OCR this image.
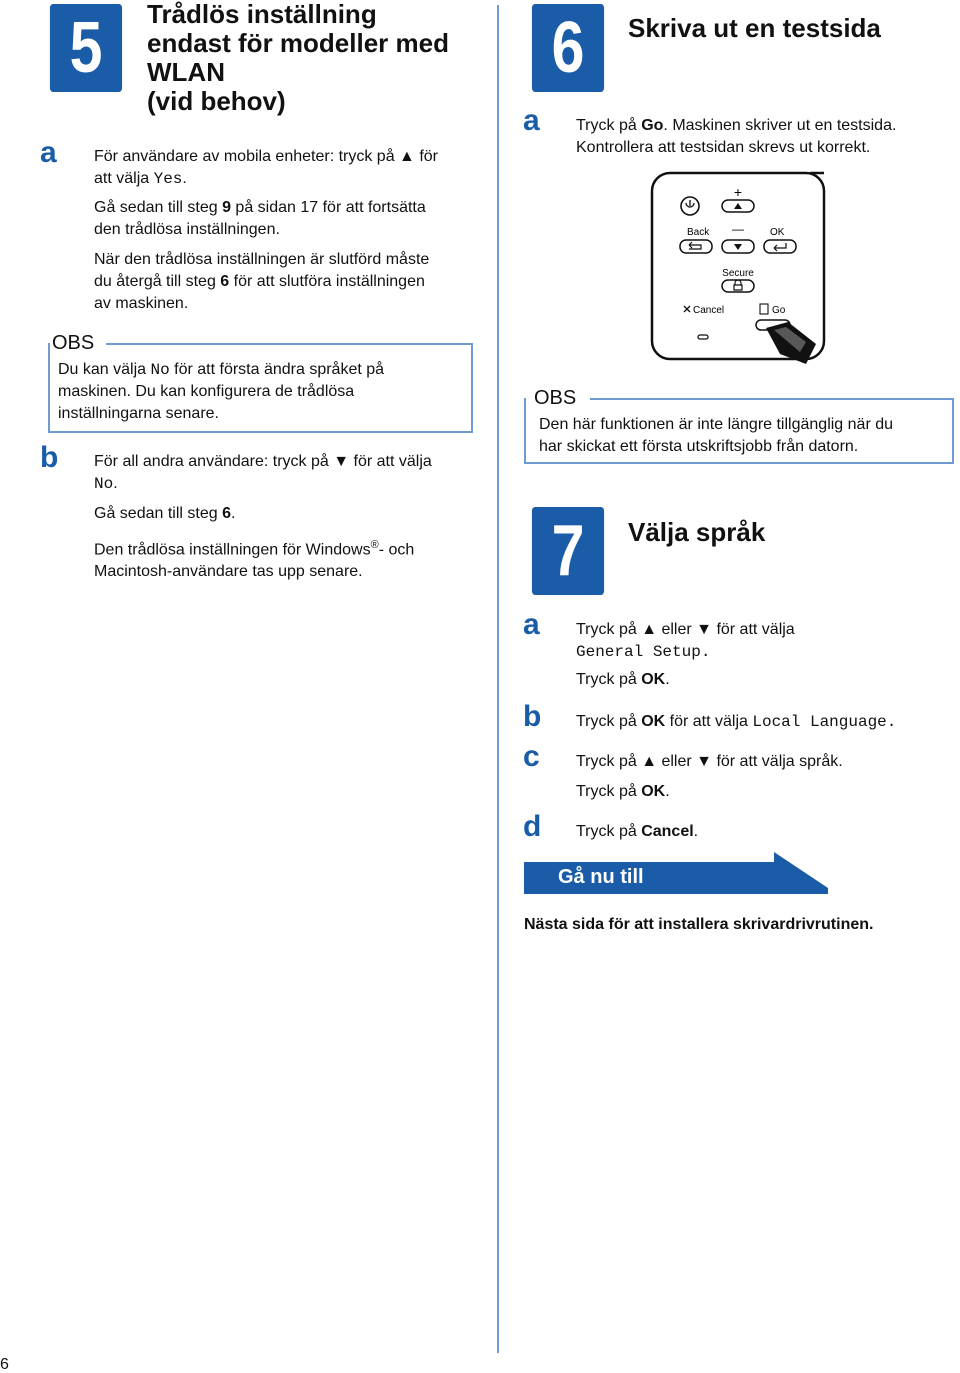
5	Trådlös inställning
endast för modeller med
WLAN
(vid behov)
a För användare av mobila enheter: tryck på ▲ för
att välja Yes.
Gå sedan till steg 9 på sidan 17 för att fortsätta
den trådlösa inställningen.
När den trådlösa inställningen är slutförd måste
du återgå till steg 6 för att slutföra inställningen
av maskinen.
OBS
Du kan välja No för att första ändra språket på
maskinen. Du kan konfigurera de trådlösa
inställningarna senare.
b För all andra användare: tryck på ▼ för att välja
No.
Gå sedan till steg 6.
Den trådlösa inställningen för Windows®- och
Macintosh-användare tas upp senare.
6	Skriva ut en testsida
a Tryck på Go. Maskinen skriver ut en testsida.
Kontrollera att testsidan skrevs ut korrekt.
+
Back —	OK
Secure
Cancel	Go
OBS
Den här funktionen är inte längre tillgänglig när du
har skickat ett första utskriftsjobb från datorn.
7	Välja språk
a Tryck på ▲ eller ▼ för att välja
General Setup.
Tryck på OK.
b Tryck på OK för att välja Local Language.
c Tryck på ▲ eller ▼ för att välja språk.
Tryck på OK.
d Tryck på Cancel.
Gå nu till
Nästa sida för att installera skrivardrivrutinen.
6
